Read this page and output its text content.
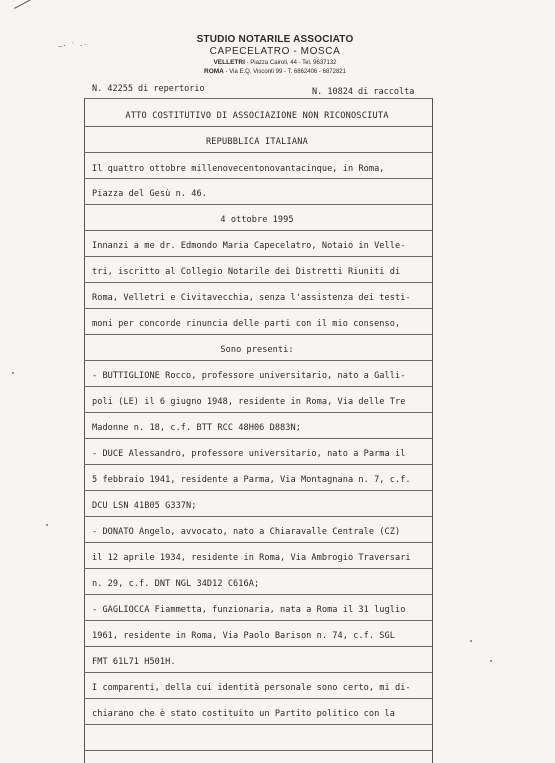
–· ˙ ·⁻
STUDIO NOTARILE ASSOCIATO
CAPECELATRO - MOSCA
VELLETRI - Piazza Cairoli, 44 - Tel. 9637132
ROMA - Via E.Q. Visconti 99 - T. 6862406 - 6872821
N. 42255 di repertorio	N. 10824 di raccolta
ATTO COSTITUTIVO DI ASSOCIAZIONE NON RICONOSCIUTA
REPUBBLICA ITALIANA
Il quattro ottobre millenovecentonovantacinque, in Roma,
Piazza del Gesù n. 46.
4 ottobre 1995
Innanzi a me dr. Edmondo Maria Capecelatro, Notaio in Velle-
tri, iscritto al Collegio Notarile dei Distretti Riuniti di
Roma, Velletri e Civitavecchia, senza l'assistenza dei testi-
moni per concorde rinuncia delle parti con il mio consenso,
Sono presenti:
- BUTTIGLIONE Rocco, professore universitario, nato a Galli-
poli (LE) il 6 giugno 1948, residente in Roma, Via delle Tre
Madonne n. 18, c.f. BTT RCC 48H06 D883N;
- DUCE Alessandro, professore universitario, nato a Parma il
5 febbraio 1941, residente a Parma, Via Montagnana n. 7, c.f.
DCU LSN 41B05 G337N;
- DONATO Angelo, avvocato, nato a Chiaravalle Centrale (CZ)
il 12 aprile 1934, residente in Roma, Via Ambrogio Traversari
n. 29, c.f. DNT NGL 34D12 C616A;
- GAGLIOCCA Fiammetta, funzionaria, nata a Roma il 31 luglio
1961, residente in Roma, Via Paolo Barison n. 74, c.f. SGL
FMT 61L71 H501H.
I comparenti, della cui identità personale sono certo, mi di-
chiarano che è stato costituito un Partito politico con la
